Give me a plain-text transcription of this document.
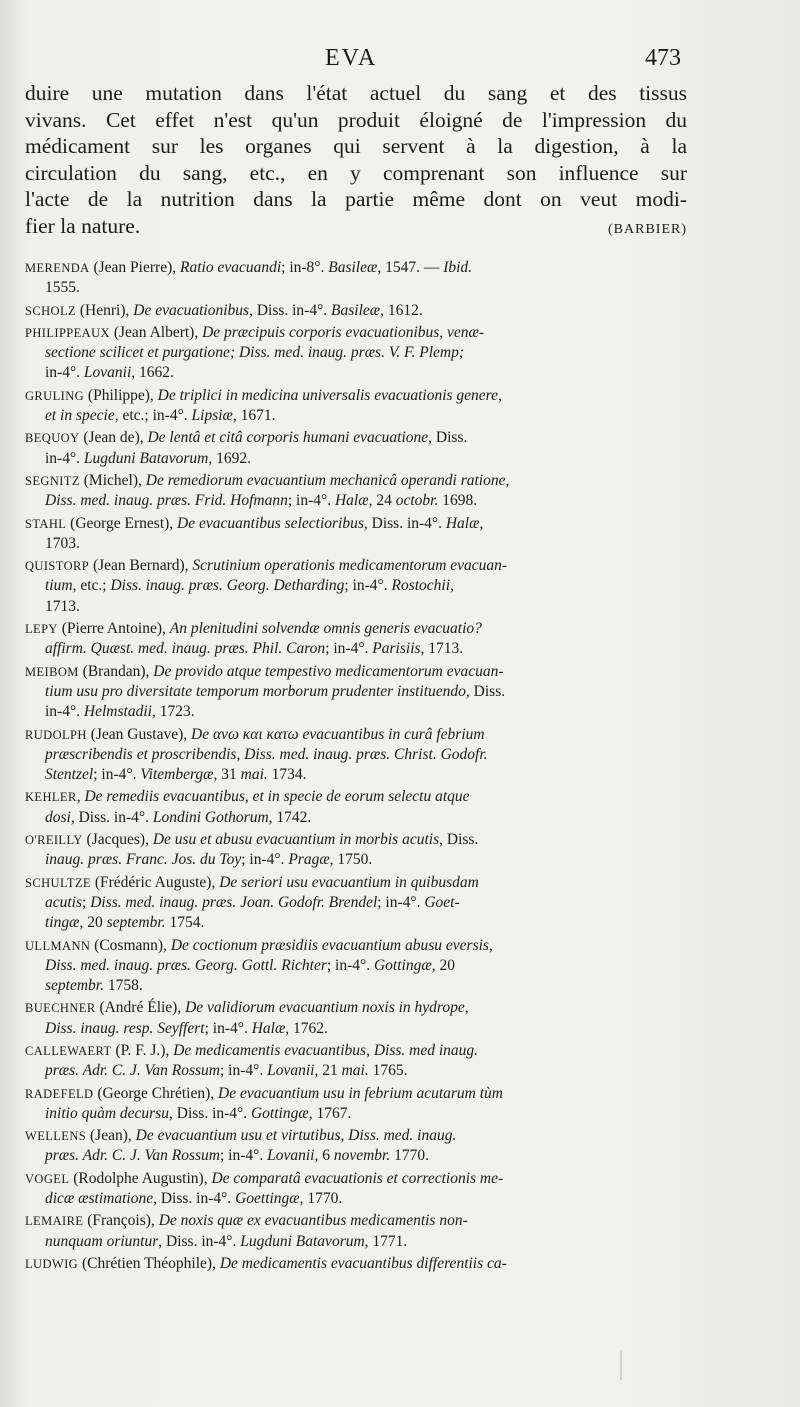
EVA	473
duire une mutation dans l'état actuel du sang et des tissus
vivans. Cet effet n'est qu'un produit éloigné de l'impression du
médicament sur les organes qui servent à la digestion, à la
circulation du sang, etc., en y comprenant son influence sur
l'acte de la nutrition dans la partie même dont on veut modi-
fier la nature.	(BARBIER)
MERENDA (Jean Pierre), Ratio evacuandi; in-8°. Basileæ, 1547. — Ibid.
1555.
SCHOLZ (Henri), De evacuationibus, Diss. in-4°. Basileæ, 1612.
PHILIPPEAUX (Jean Albert), De præcipuis corporis evacuationibus, venæ-
sectione scilicet et purgatione; Diss. med. inaug. præs. V. F. Plemp;
in-4°. Lovanii, 1662.
GRULING (Philippe), De triplici in medicina universalis evacuationis genere,
et in specie, etc.; in-4°. Lipsiæ, 1671.
BEQUOY (Jean de), De lentâ et citâ corporis humani evacuatione, Diss.
in-4°. Lugduni Batavorum, 1692.
SEGNITZ (Michel), De remediorum evacuantium mechanicâ operandi ratione,
Diss. med. inaug. præs. Frid. Hofmann; in-4°. Halæ, 24 octobr. 1698.
STAHL (George Ernest), De evacuantibus selectioribus, Diss. in-4°. Halæ,
1703.
QUISTORP (Jean Bernard), Scrutinium operationis medicamentorum evacuan-
tium, etc.; Diss. inaug. præs. Georg. Detharding; in-4°. Rostochii,
1713.
LEPY (Pierre Antoine), An plenitudini solvendæ omnis generis evacuatio?
affirm. Quæst. med. inaug. præs. Phil. Caron; in-4°. Parisiis, 1713.
MEIBOM (Brandan), De provido atque tempestivo medicamentorum evacuan-
tium usu pro diversitate temporum morborum prudenter instituendo, Diss.
in-4°. Helmstadii, 1723.
RUDOLPH (Jean Gustave), De ανω και κατω evacuantibus in curâ febrium
præscribendis et proscribendis, Diss. med. inaug. præs. Christ. Godofr.
Stentzel; in-4°. Vitembergæ, 31 mai. 1734.
KEHLER, De remediis evacuantibus, et in specie de eorum selectu atque
dosi, Diss. in-4°. Londini Gothorum, 1742.
O'REILLY (Jacques), De usu et abusu evacuantium in morbis acutis, Diss.
inaug. præs. Franc. Jos. du Toy; in-4°. Pragæ, 1750.
SCHULTZE (Frédéric Auguste), De seriori usu evacuantium in quibusdam
acutis; Diss. med. inaug. præs. Joan. Godofr. Brendel; in-4°. Goet-
tingæ, 20 septembr. 1754.
ULLMANN (Cosmann), De coctionum præsidiis evacuantium abusu eversis,
Diss. med. inaug. præs. Georg. Gottl. Richter; in-4°. Gottingæ, 20
septembr. 1758.
BUECHNER (André Élie), De validiorum evacuantium noxis in hydrope,
Diss. inaug. resp. Seyffert; in-4°. Halæ, 1762.
CALLEWAERT (P. F. J.), De medicamentis evacuantibus, Diss. med inaug.
præs. Adr. C. J. Van Rossum; in-4°. Lovanii, 21 mai. 1765.
RADEFELD (George Chrétien), De evacuantium usu in febrium acutarum tùm
initio quàm decursu, Diss. in-4°. Gottingæ, 1767.
WELLENS (Jean), De evacuantium usu et virtutibus, Diss. med. inaug.
præs. Adr. C. J. Van Rossum; in-4°. Lovanii, 6 novembr. 1770.
VOGEL (Rodolphe Augustin), De comparatâ evacuationis et correctionis me-
dicæ æstimatione, Diss. in-4°. Goettingæ, 1770.
LEMAIRE (François), De noxis quæ ex evacuantibus medicamentis non-
nunquam oriuntur, Diss. in-4°. Lugduni Batavorum, 1771.
LUDWIG (Chrétien Théophile), De medicamentis evacuantibus differentiis ca-
